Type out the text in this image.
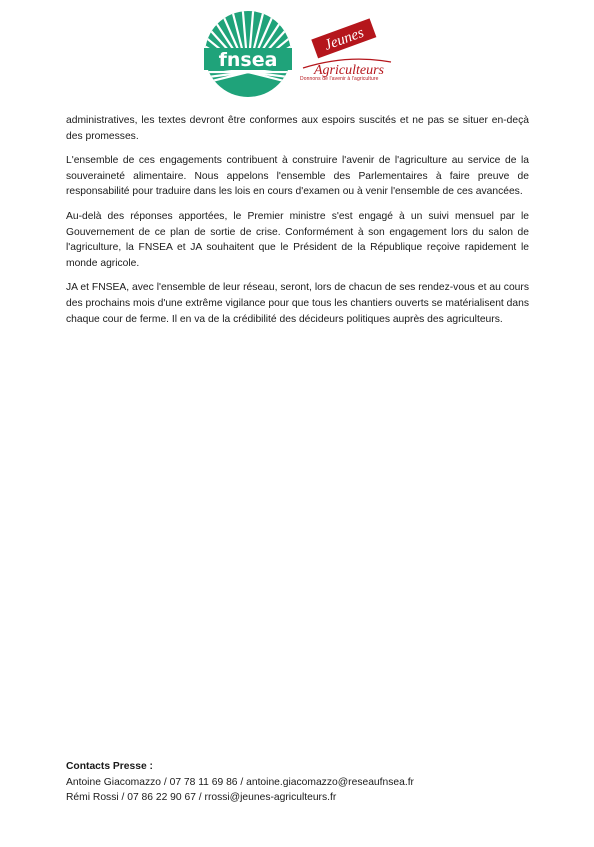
fnsea
Jeunes
Agriculteurs
Donnons de l'avenir à l'agriculture

administratives, les textes devront être conformes aux espoirs suscités et ne pas se situer en-deçà des promesses.

L'ensemble de ces engagements contribuent à construire l'avenir de l'agriculture au service de la souveraineté alimentaire. Nous appelons l'ensemble des Parlementaires à faire preuve de responsabilité pour traduire dans les lois en cours d'examen ou à venir l'ensemble de ces avancées.

Au-delà des réponses apportées, le Premier ministre s'est engagé à un suivi mensuel par le Gouvernement de ce plan de sortie de crise. Conformément à son engagement lors du salon de l'agriculture, la FNSEA et JA souhaitent que le Président de la République reçoive rapidement le monde agricole.

JA et FNSEA, avec l'ensemble de leur réseau, seront, lors de chacun de ses rendez-vous et au cours des prochains mois d'une extrême vigilance pour que tous les chantiers ouverts se matérialisent dans chaque cour de ferme. Il en va de la crédibilité des décideurs politiques auprès des agriculteurs.

Contacts Presse :
Antoine Giacomazzo / 07 78 11 69 86 / antoine.giacomazzo@reseaufnsea.fr
Rémi Rossi / 07 86 22 90 67 / rrossi@jeunes-agriculteurs.fr
